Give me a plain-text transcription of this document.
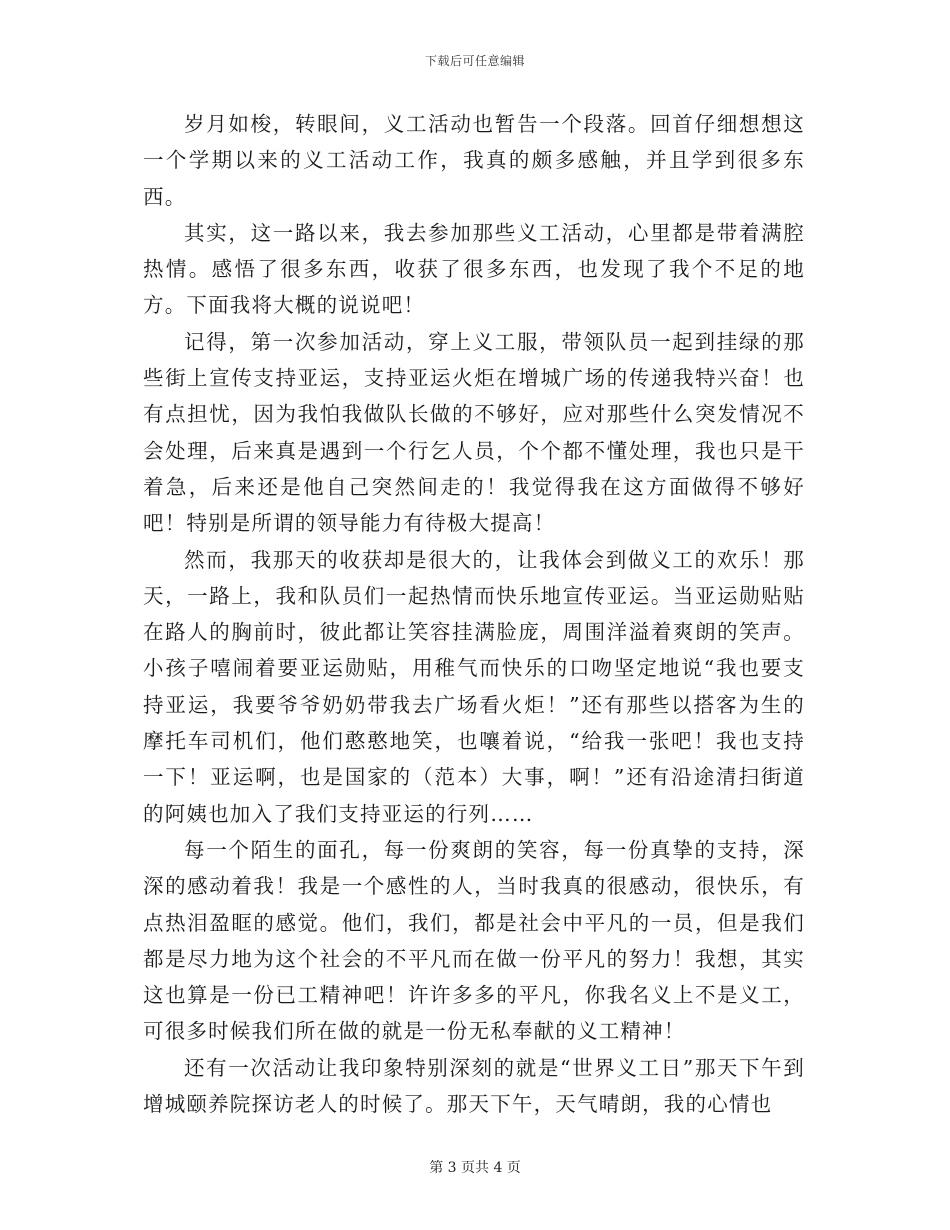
下载后可任意编辑

岁月如梭，转眼间，义工活动也暂告一个段落。回首仔细想想这一个学期以来的义工活动工作，我真的颇多感触，并且学到很多东西。

其实，这一路以来，我去参加那些义工活动，心里都是带着满腔热情。感悟了很多东西，收获了很多东西，也发现了我个不足的地方。下面我将大概的说说吧！

记得，第一次参加活动，穿上义工服，带领队员一起到挂绿的那些街上宣传支持亚运，支持亚运火炬在增城广场的传递我特兴奋！也有点担忧，因为我怕我做队长做的不够好，应对那些什么突发情况不会处理，后来真是遇到一个行乞人员，个个都不懂处理，我也只是干着急，后来还是他自己突然间走的！我觉得我在这方面做得不够好吧！特别是所谓的领导能力有待极大提高！

然而，我那天的收获却是很大的，让我体会到做义工的欢乐！那天，一路上，我和队员们一起热情而快乐地宣传亚运。当亚运勋贴贴在路人的胸前时，彼此都让笑容挂满脸庞，周围洋溢着爽朗的笑声。小孩子嘻闹着要亚运勋贴，用稚气而快乐的口吻坚定地说“我也要支持亚运，我要爷爷奶奶带我去广场看火炬！”还有那些以搭客为生的摩托车司机们，他们憨憨地笑，也嚷着说，“给我一张吧！我也支持一下！亚运啊，也是国家的（范本）大事，啊！”还有沿途清扫街道的阿姨也加入了我们支持亚运的行列……

每一个陌生的面孔，每一份爽朗的笑容，每一份真挚的支持，深深的感动着我！我是一个感性的人，当时我真的很感动，很快乐，有点热泪盈眶的感觉。他们，我们，都是社会中平凡的一员，但是我们都是尽力地为这个社会的不平凡而在做一份平凡的努力！我想，其实这也算是一份已工精神吧！许许多多的平凡，你我名义上不是义工，可很多时候我们所在做的就是一份无私奉献的义工精神！

还有一次活动让我印象特别深刻的就是“世界义工日”那天下午到增城颐养院探访老人的时候了。那天下午，天气晴朗，我的心情也

第 3 页共 4 页
